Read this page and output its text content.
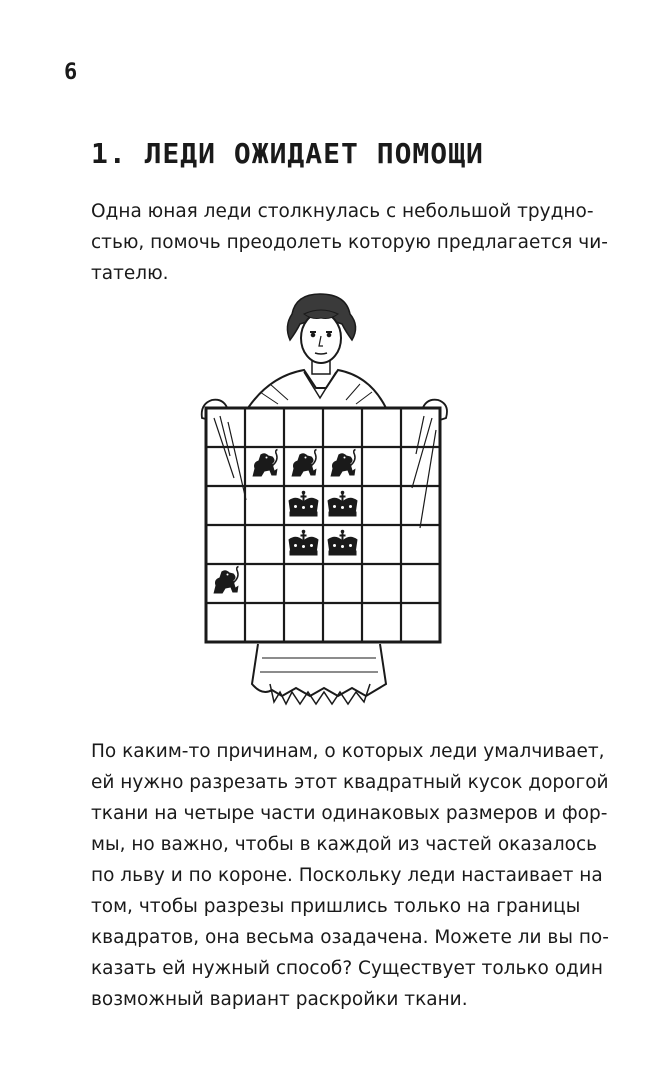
6
1. ЛЕДИ ОЖИДАЕТ ПОМОЩИ

Одна юная леди столкнулась с небольшой трудно-
стью, помочь преодолеть которую предлагается чи-
тателю.

По каким-то причинам, о которых леди умалчивает,
ей нужно разрезать этот квадратный кусок дорогой
ткани на четыре части одинаковых размеров и фор-
мы, но важно, чтобы в каждой из частей оказалось
по льву и по короне. Поскольку леди настаивает на
том, чтобы разрезы пришлись только на границы
квадратов, она весьма озадачена. Можете ли вы по-
казать ей нужный способ? Существует только один
возможный вариант раскройки ткани.
